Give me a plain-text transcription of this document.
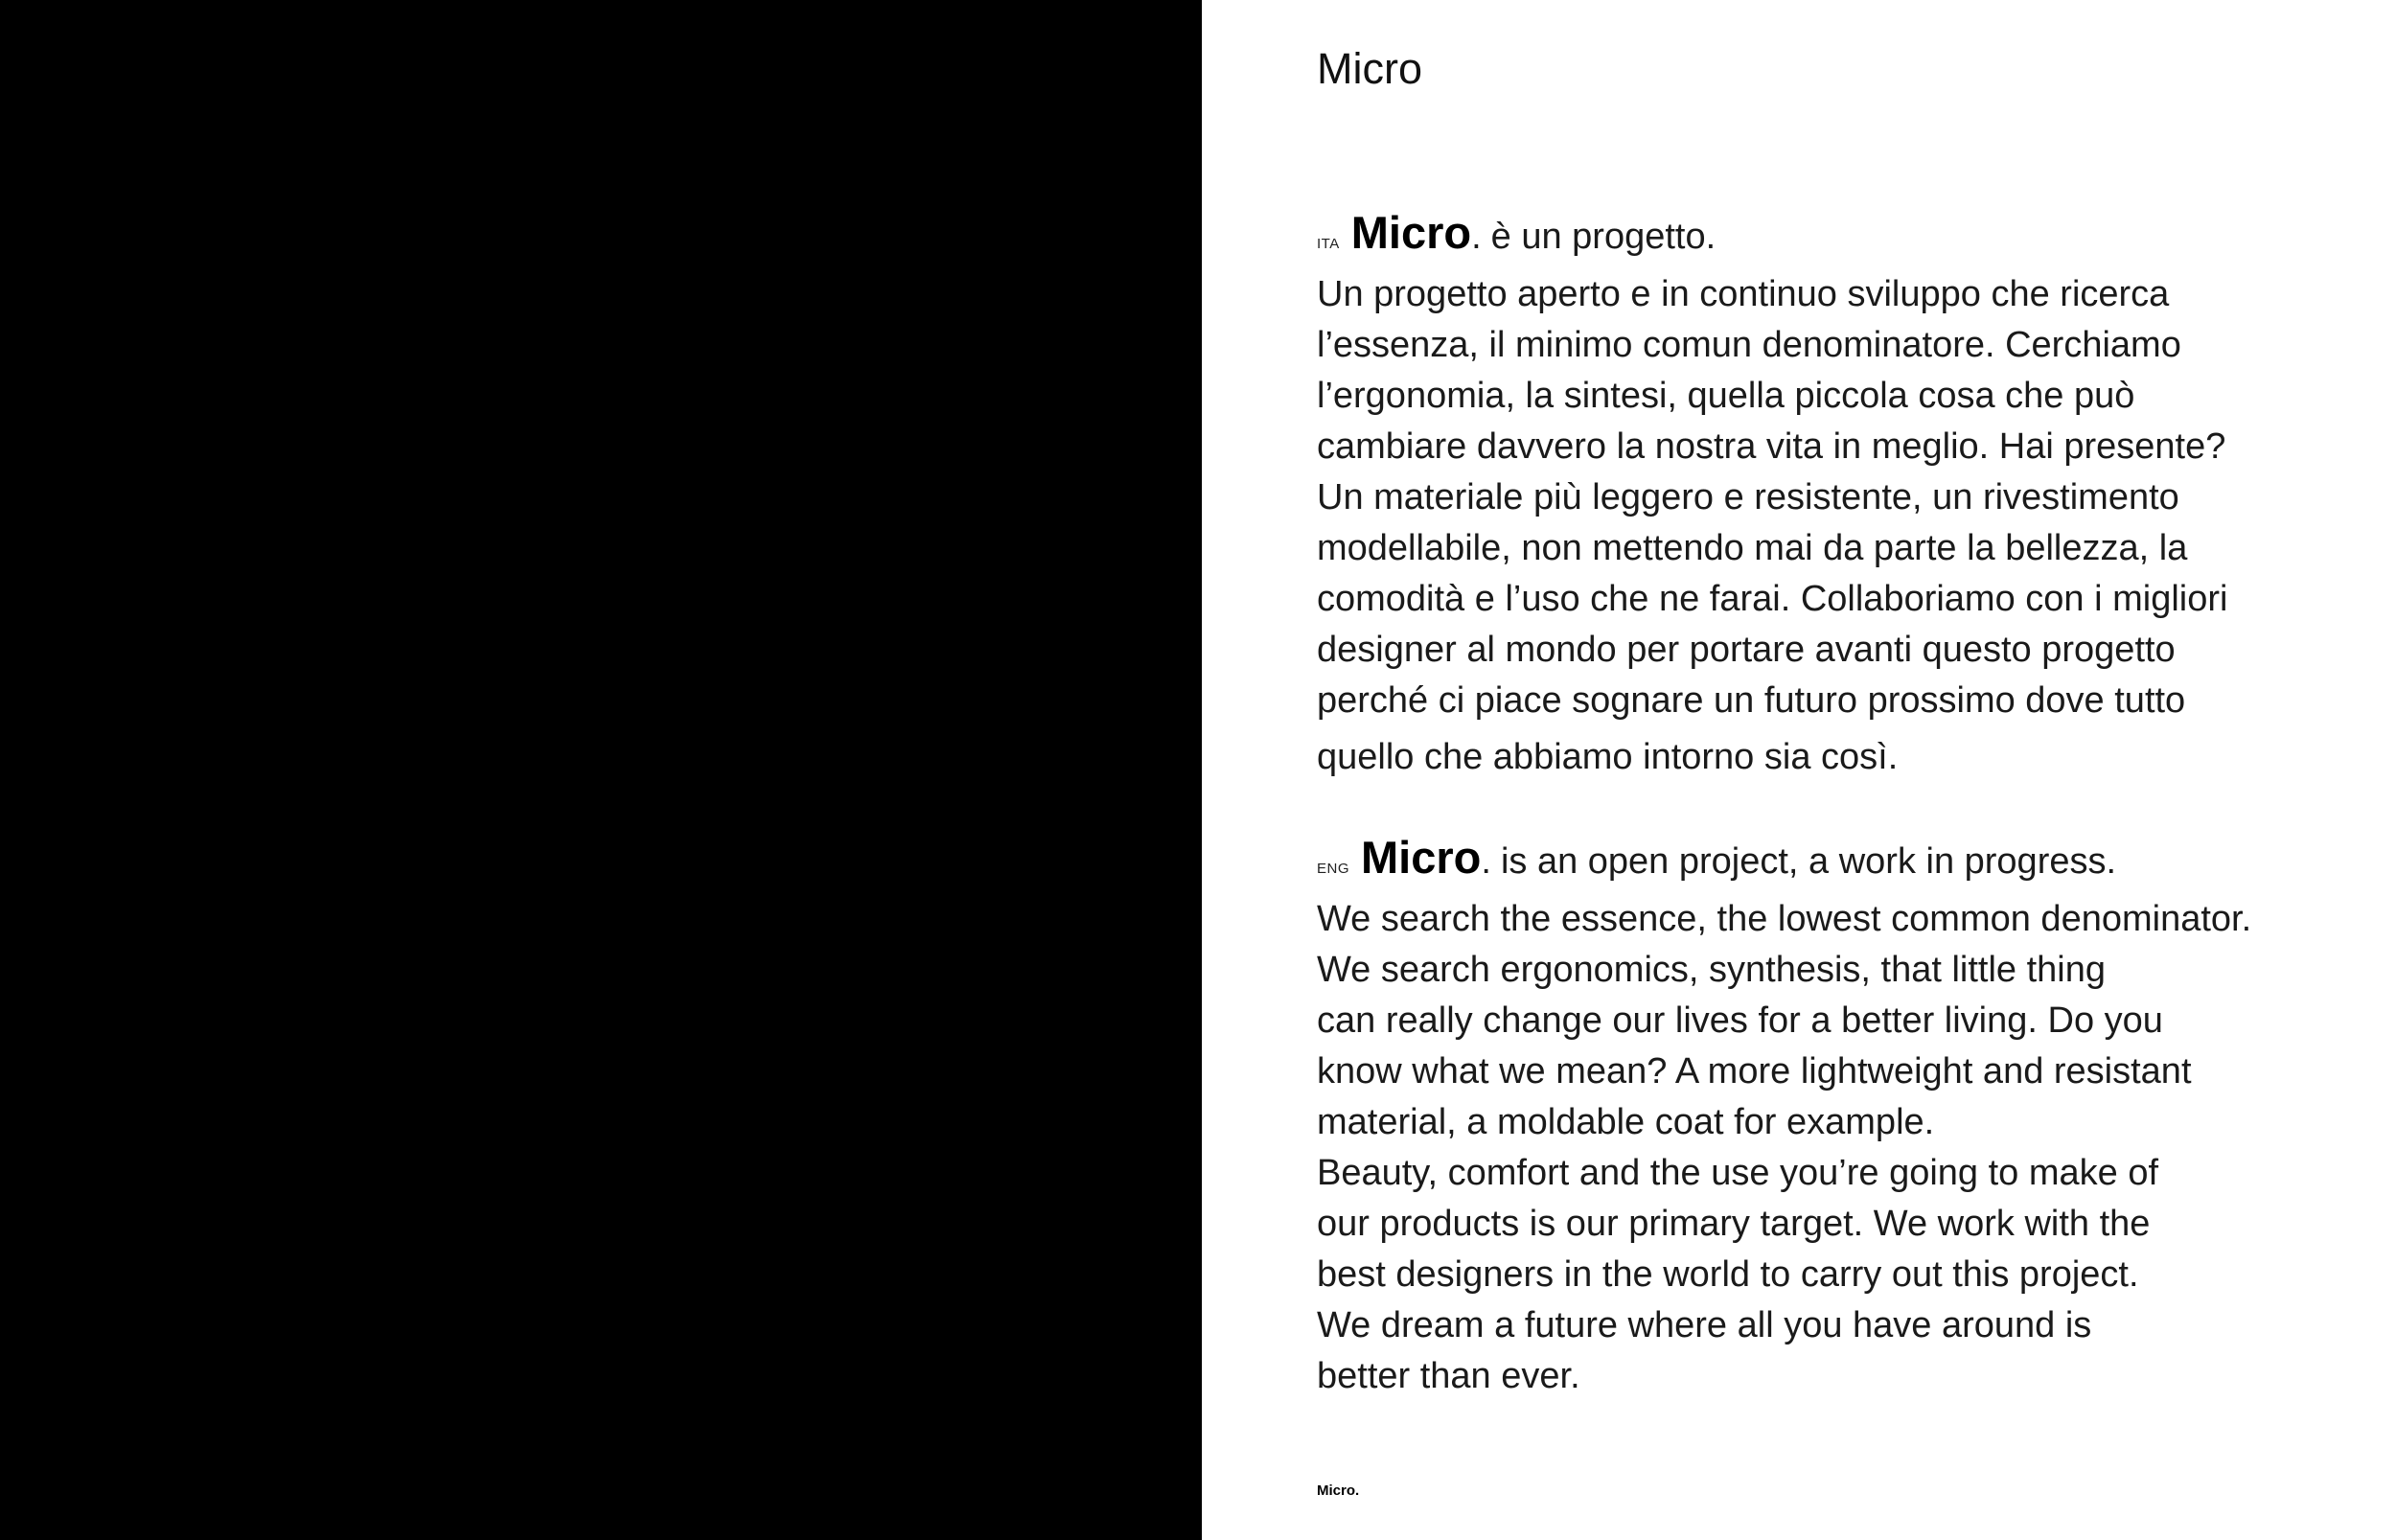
Micro
ITA Micro. è un progetto.
Un progetto aperto e in continuo sviluppo che ricerca
l’essenza, il minimo comun denominatore. Cerchiamo
l’ergonomia, la sintesi, quella piccola cosa che può
cambiare davvero la nostra vita in meglio. Hai presente?
Un materiale più leggero e resistente, un rivestimento
modellabile, non mettendo mai da parte la bellezza, la
comodità e l’uso che ne farai. Collaboriamo con i migliori
designer al mondo per portare avanti questo progetto
perché ci piace sognare un futuro prossimo dove tutto
quello che abbiamo intorno sia così.
ENG Micro. is an open project, a work in progress.
We search the essence, the lowest common denominator.
We search ergonomics, synthesis, that little thing
can really change our lives for a better living. Do you
know what we mean? A more lightweight and resistant
material, a moldable coat for example.
Beauty, comfort and the use you’re going to make of
our products is our primary target. We work with the
best designers in the world to carry out this project.
We dream a future where all you have around is
better than ever.
Micro.
